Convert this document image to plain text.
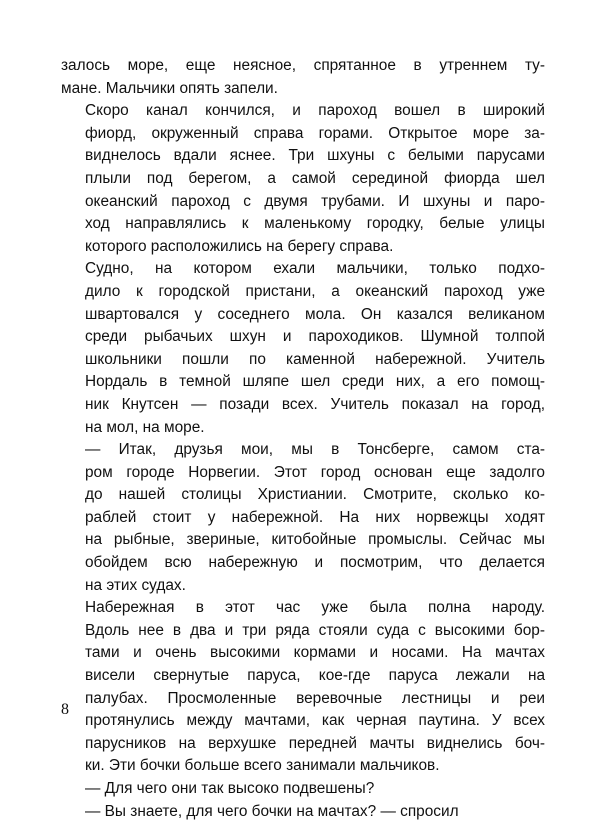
залось море, еще неясное, спрятанное в утреннем ту-
мане. Мальчики опять запели.
Скоро канал кончился, и пароход вошел в широкий
фиорд, окруженный справа горами. Открытое море за-
виднелось вдали яснее. Три шхуны с белыми парусами
плыли под берегом, а самой серединой фиорда шел
океанский пароход с двумя трубами. И шхуны и паро-
ход направлялись к маленькому городку, белые улицы
которого расположились на берегу справа.
Судно, на котором ехали мальчики, только подхо-
дило к городской пристани, а океанский пароход уже
швартовался у соседнего мола. Он казался великаном
среди рыбачьих шхун и пароходиков. Шумной толпой
школьники пошли по каменной набережной. Учитель
Нордаль в темной шляпе шел среди них, а его помощ-
ник Кнутсен — позади всех. Учитель показал на город,
на мол, на море.
— Итак, друзья мои, мы в Тонсберге, самом ста-
ром городе Норвегии. Этот город основан еще задолго
до нашей столицы Христиании. Смотрите, сколько ко-
раблей стоит у набережной. На них норвежцы ходят
на рыбные, звериные, китобойные промыслы. Сейчас мы
обойдем всю набережную и посмотрим, что делается
на этих судах.
Набережная в этот час уже была полна народу.
Вдоль нее в два и три ряда стояли суда с высокими бор-
тами и очень высокими кормами и носами. На мачтах
висели свернутые паруса, кое-где паруса лежали на
палубах. Просмоленные веревочные лестницы и реи
протянулись между мачтами, как черная паутина. У всех
парусников на верхушке передней мачты виднелись боч-
ки. Эти бочки больше всего занимали мальчиков.
— Для чего они так высоко подвешены?
— Вы знаете, для чего бочки на мачтах? — спросил
8
